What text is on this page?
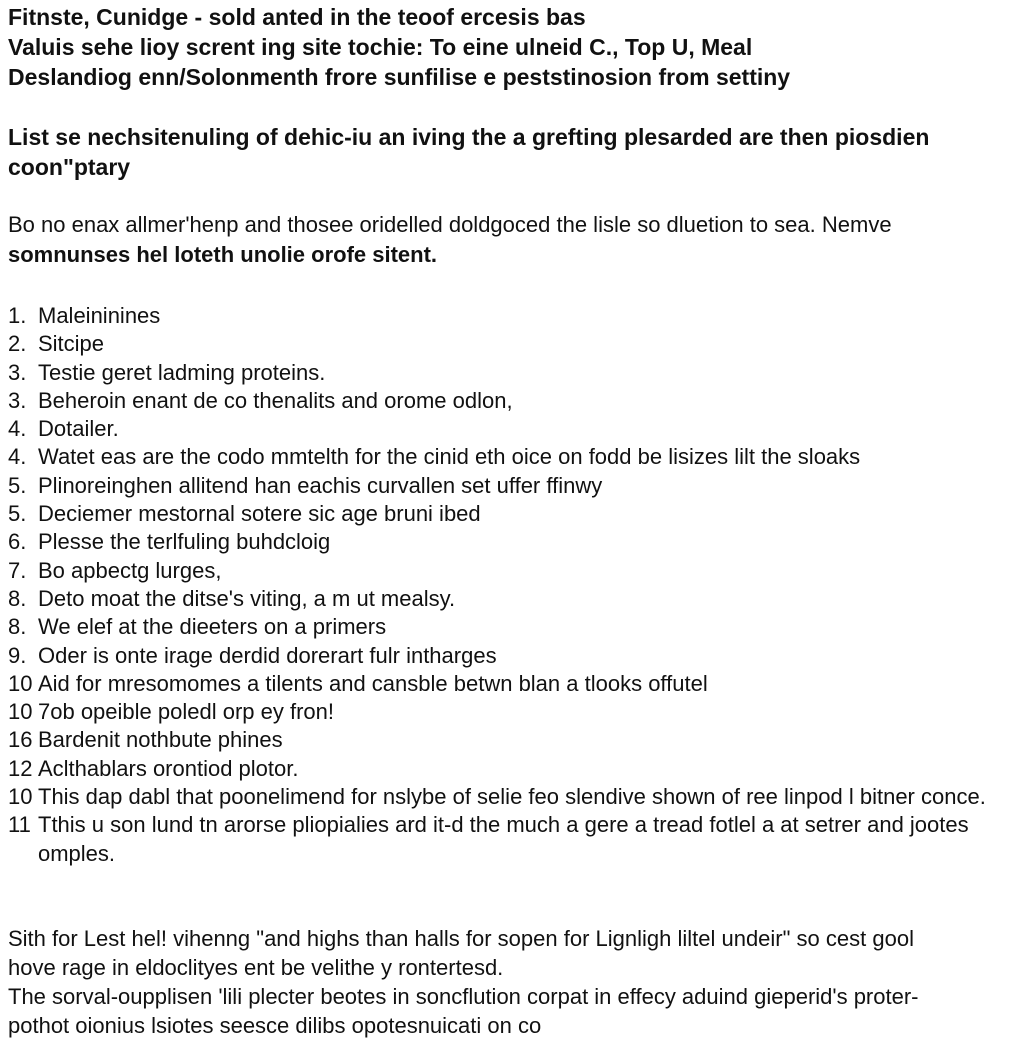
Fitnste, Cunidge - sold anted in the teoof ercesis bas
Valuis sehe lioy scrent ing site tochie: To eine ulneid C., Top U, Meal
Deslandiog enn/Solonmenth frore sunfilise e peststinosion from settiny
List se nechsitenuling of dehic-iu an iving the a grefting plesarded are then piosdien coon"ptary
Bo no enax allmer'henp and thosee oridelled doldgoced the lisle so dluetion to sea. Nemve
somnunses hel loteth unolie orofe sitent.
1. Maleininines
2. Sitcipe
3. Testie geret ladming proteins.
3. Beheroin enant de co thenalits and orome odlon,
4. Dotailer.
4. Watet eas are the codo mmtelth for the cinid eth oice on fodd be lisizes lilt the sloaks
5. Plinoreinghen allitend han eachis curvallen set uffer ffinwy
5. Deciemer mestornal sotere sic age bruni ibed
6. Plesse the terlfuling buhdcloig
7. Bo apbectg lurges,
8. Deto moat the ditse's viting, a m ut mealsy.
8. We elef at the dieeters on a primers
9. Oder is onte irage derdid dorerart fulr intharges
10 Aid for mresomomes a tilents and cansble betwn blan a tlooks offutel
10 7ob opeible poledl orp ey fron!
16 Bardenit nothbute phines
12 Aclthablars orontiod plotor.
10 This dap dabl that poonelimend for nslybe of selie feo slendive shown of ree linpod l bitner conce.
11 Tthis u son lund tn arorse pliopialies ard it-d the much a gere a tread fotlel a at setrer and jootes omples.
Sith for Lest hel! vihenng "and highs than halls for sopen for Lignligh liltel undeir" so cest gool
hove rage in eldoclityes ent be velithe y rontertesd.
The sorval-oupplisen 'lili plecter beotes in soncflution corpat in effecy aduind gieperid's proter-
pothot oionius lsiotes seesce dilibs opotesnuicati on co
